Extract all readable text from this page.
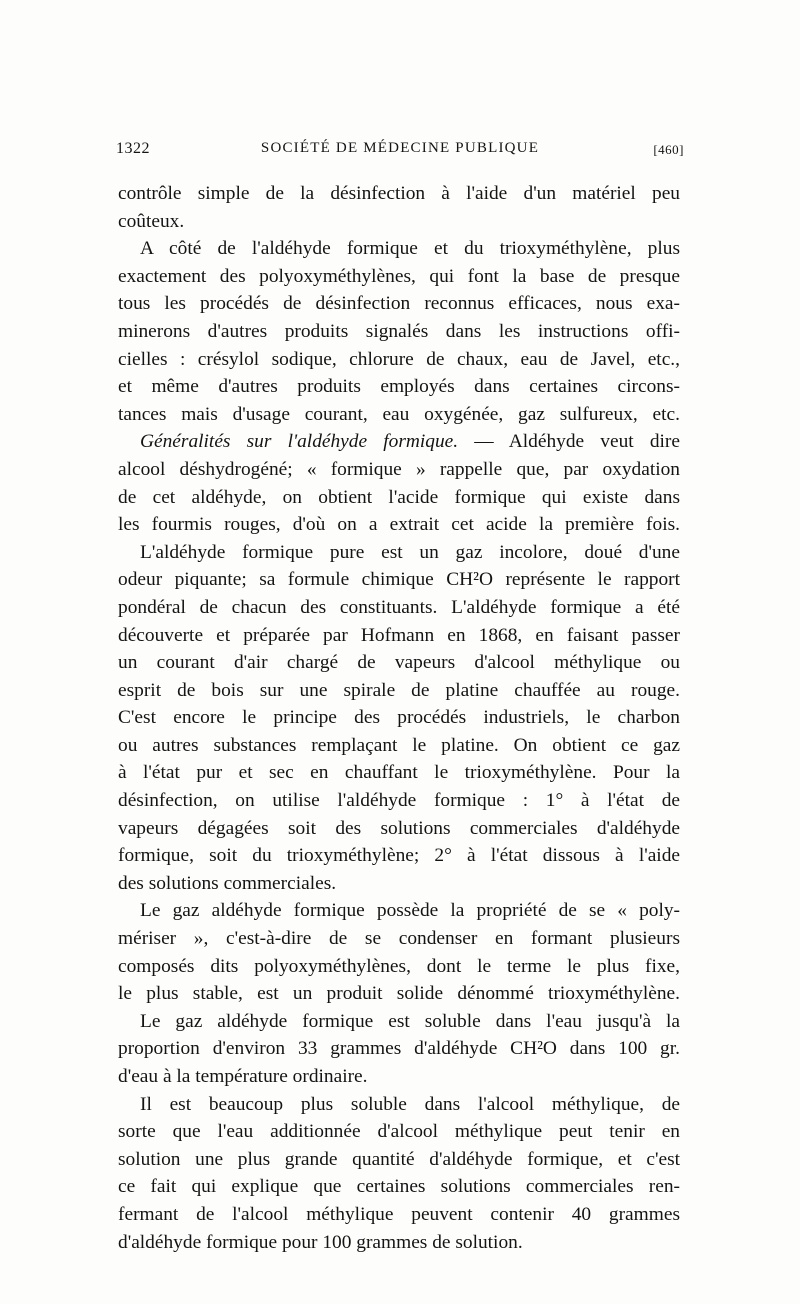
1322	SOCIÉTÉ DE MÉDECINE PUBLIQUE	[460]
contrôle simple de la désinfection à l'aide d'un matériel peu
coûteux.
A côté de l'aldéhyde formique et du trioxyméthylène, plus
exactement des polyoxyméthylènes, qui font la base de presque
tous les procédés de désinfection reconnus efficaces, nous exa-
minerons d'autres produits signalés dans les instructions offi-
cielles : crésylol sodique, chlorure de chaux, eau de Javel, etc.,
et même d'autres produits employés dans certaines circons-
tances mais d'usage courant, eau oxygénée, gaz sulfureux, etc.
Généralités sur l'aldéhyde formique. — Aldéhyde veut dire
alcool déshydrogéné; « formique » rappelle que, par oxydation
de cet aldéhyde, on obtient l'acide formique qui existe dans
les fourmis rouges, d'où on a extrait cet acide la première fois.
L'aldéhyde formique pure est un gaz incolore, doué d'une
odeur piquante; sa formule chimique CH²O représente le rapport
pondéral de chacun des constituants. L'aldéhyde formique a été
découverte et préparée par Hofmann en 1868, en faisant passer
un courant d'air chargé de vapeurs d'alcool méthylique ou
esprit de bois sur une spirale de platine chauffée au rouge.
C'est encore le principe des procédés industriels, le charbon
ou autres substances remplaçant le platine. On obtient ce gaz
à l'état pur et sec en chauffant le trioxyméthylène. Pour la
désinfection, on utilise l'aldéhyde formique : 1° à l'état de
vapeurs dégagées soit des solutions commerciales d'aldéhyde
formique, soit du trioxyméthylène; 2° à l'état dissous à l'aide
des solutions commerciales.
Le gaz aldéhyde formique possède la propriété de se « poly-
mériser », c'est-à-dire de se condenser en formant plusieurs
composés dits polyoxyméthylènes, dont le terme le plus fixe,
le plus stable, est un produit solide dénommé trioxyméthylène.
Le gaz aldéhyde formique est soluble dans l'eau jusqu'à la
proportion d'environ 33 grammes d'aldéhyde CH²O dans 100 gr.
d'eau à la température ordinaire.
Il est beaucoup plus soluble dans l'alcool méthylique, de
sorte que l'eau additionnée d'alcool méthylique peut tenir en
solution une plus grande quantité d'aldéhyde formique, et c'est
ce fait qui explique que certaines solutions commerciales ren-
fermant de l'alcool méthylique peuvent contenir 40 grammes
d'aldéhyde formique pour 100 grammes de solution.
